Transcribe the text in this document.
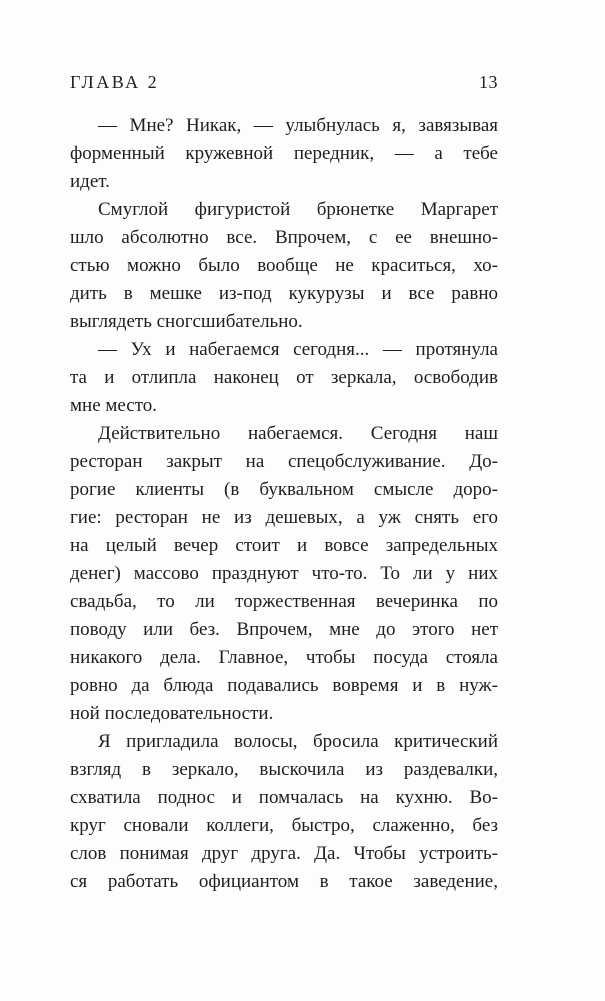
ГЛАВА 2	13
— Мне? Никак, — улыбнулась я, завязывая
форменный кружевной передник, — а тебе
идет.
Смуглой фигуристой брюнетке Маргарет
шло абсолютно все. Впрочем, с ее внешно-
стью можно было вообще не краситься, хо-
дить в мешке из-под кукурузы и все равно
выглядеть сногсшибательно.
— Ух и набегаемся сегодня... — протянула
та и отлипла наконец от зеркала, освободив
мне место.
Действительно набегаемся. Сегодня наш
ресторан закрыт на спецобслуживание. До-
рогие клиенты (в буквальном смысле доро-
гие: ресторан не из дешевых, а уж снять его
на целый вечер стоит и вовсе запредельных
денег) массово празднуют что-то. То ли у них
свадьба, то ли торжественная вечеринка по
поводу или без. Впрочем, мне до этого нет
никакого дела. Главное, чтобы посуда стояла
ровно да блюда подавались вовремя и в нуж-
ной последовательности.
Я пригладила волосы, бросила критический
взгляд в зеркало, выскочила из раздевалки,
схватила поднос и помчалась на кухню. Во-
круг сновали коллеги, быстро, слаженно, без
слов понимая друг друга. Да. Чтобы устроить-
ся работать официантом в такое заведение,
